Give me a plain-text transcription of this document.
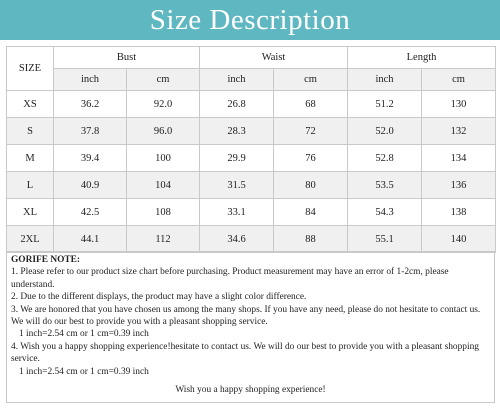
Size Description
SIZE	Bust		Waist		Length	
	inch	cm	inch	cm	inch	cm
XS	36.2	92.0	26.8	68	51.2	130
S	37.8	96.0	28.3	72	52.0	132
M	39.4	100	29.9	76	52.8	134
L	40.9	104	31.5	80	53.5	136
XL	42.5	108	33.1	84	54.3	138
2XL	44.1	112	34.6	88	55.1	140

GORIFE NOTE:

1. Please refer to our product size chart before purchasing. Product measurement may have an error of 1-2cm, please understand.

2. Due to the different displays, the product may have a slight color difference.

3. We are honored that you have chosen us among the many shops. If you have any need, please do not hesitate to contact us. We will do our best to provide you with a pleasant shopping service.

1 inch=2.54 cm or 1 cm=0.39 inch

4. Wish you a happy shopping experience!hesitate to contact us. We will do our best to provide you with a pleasant shopping service.

1 inch=2.54 cm or 1 cm=0.39 inch

Wish you a happy shopping experience!
